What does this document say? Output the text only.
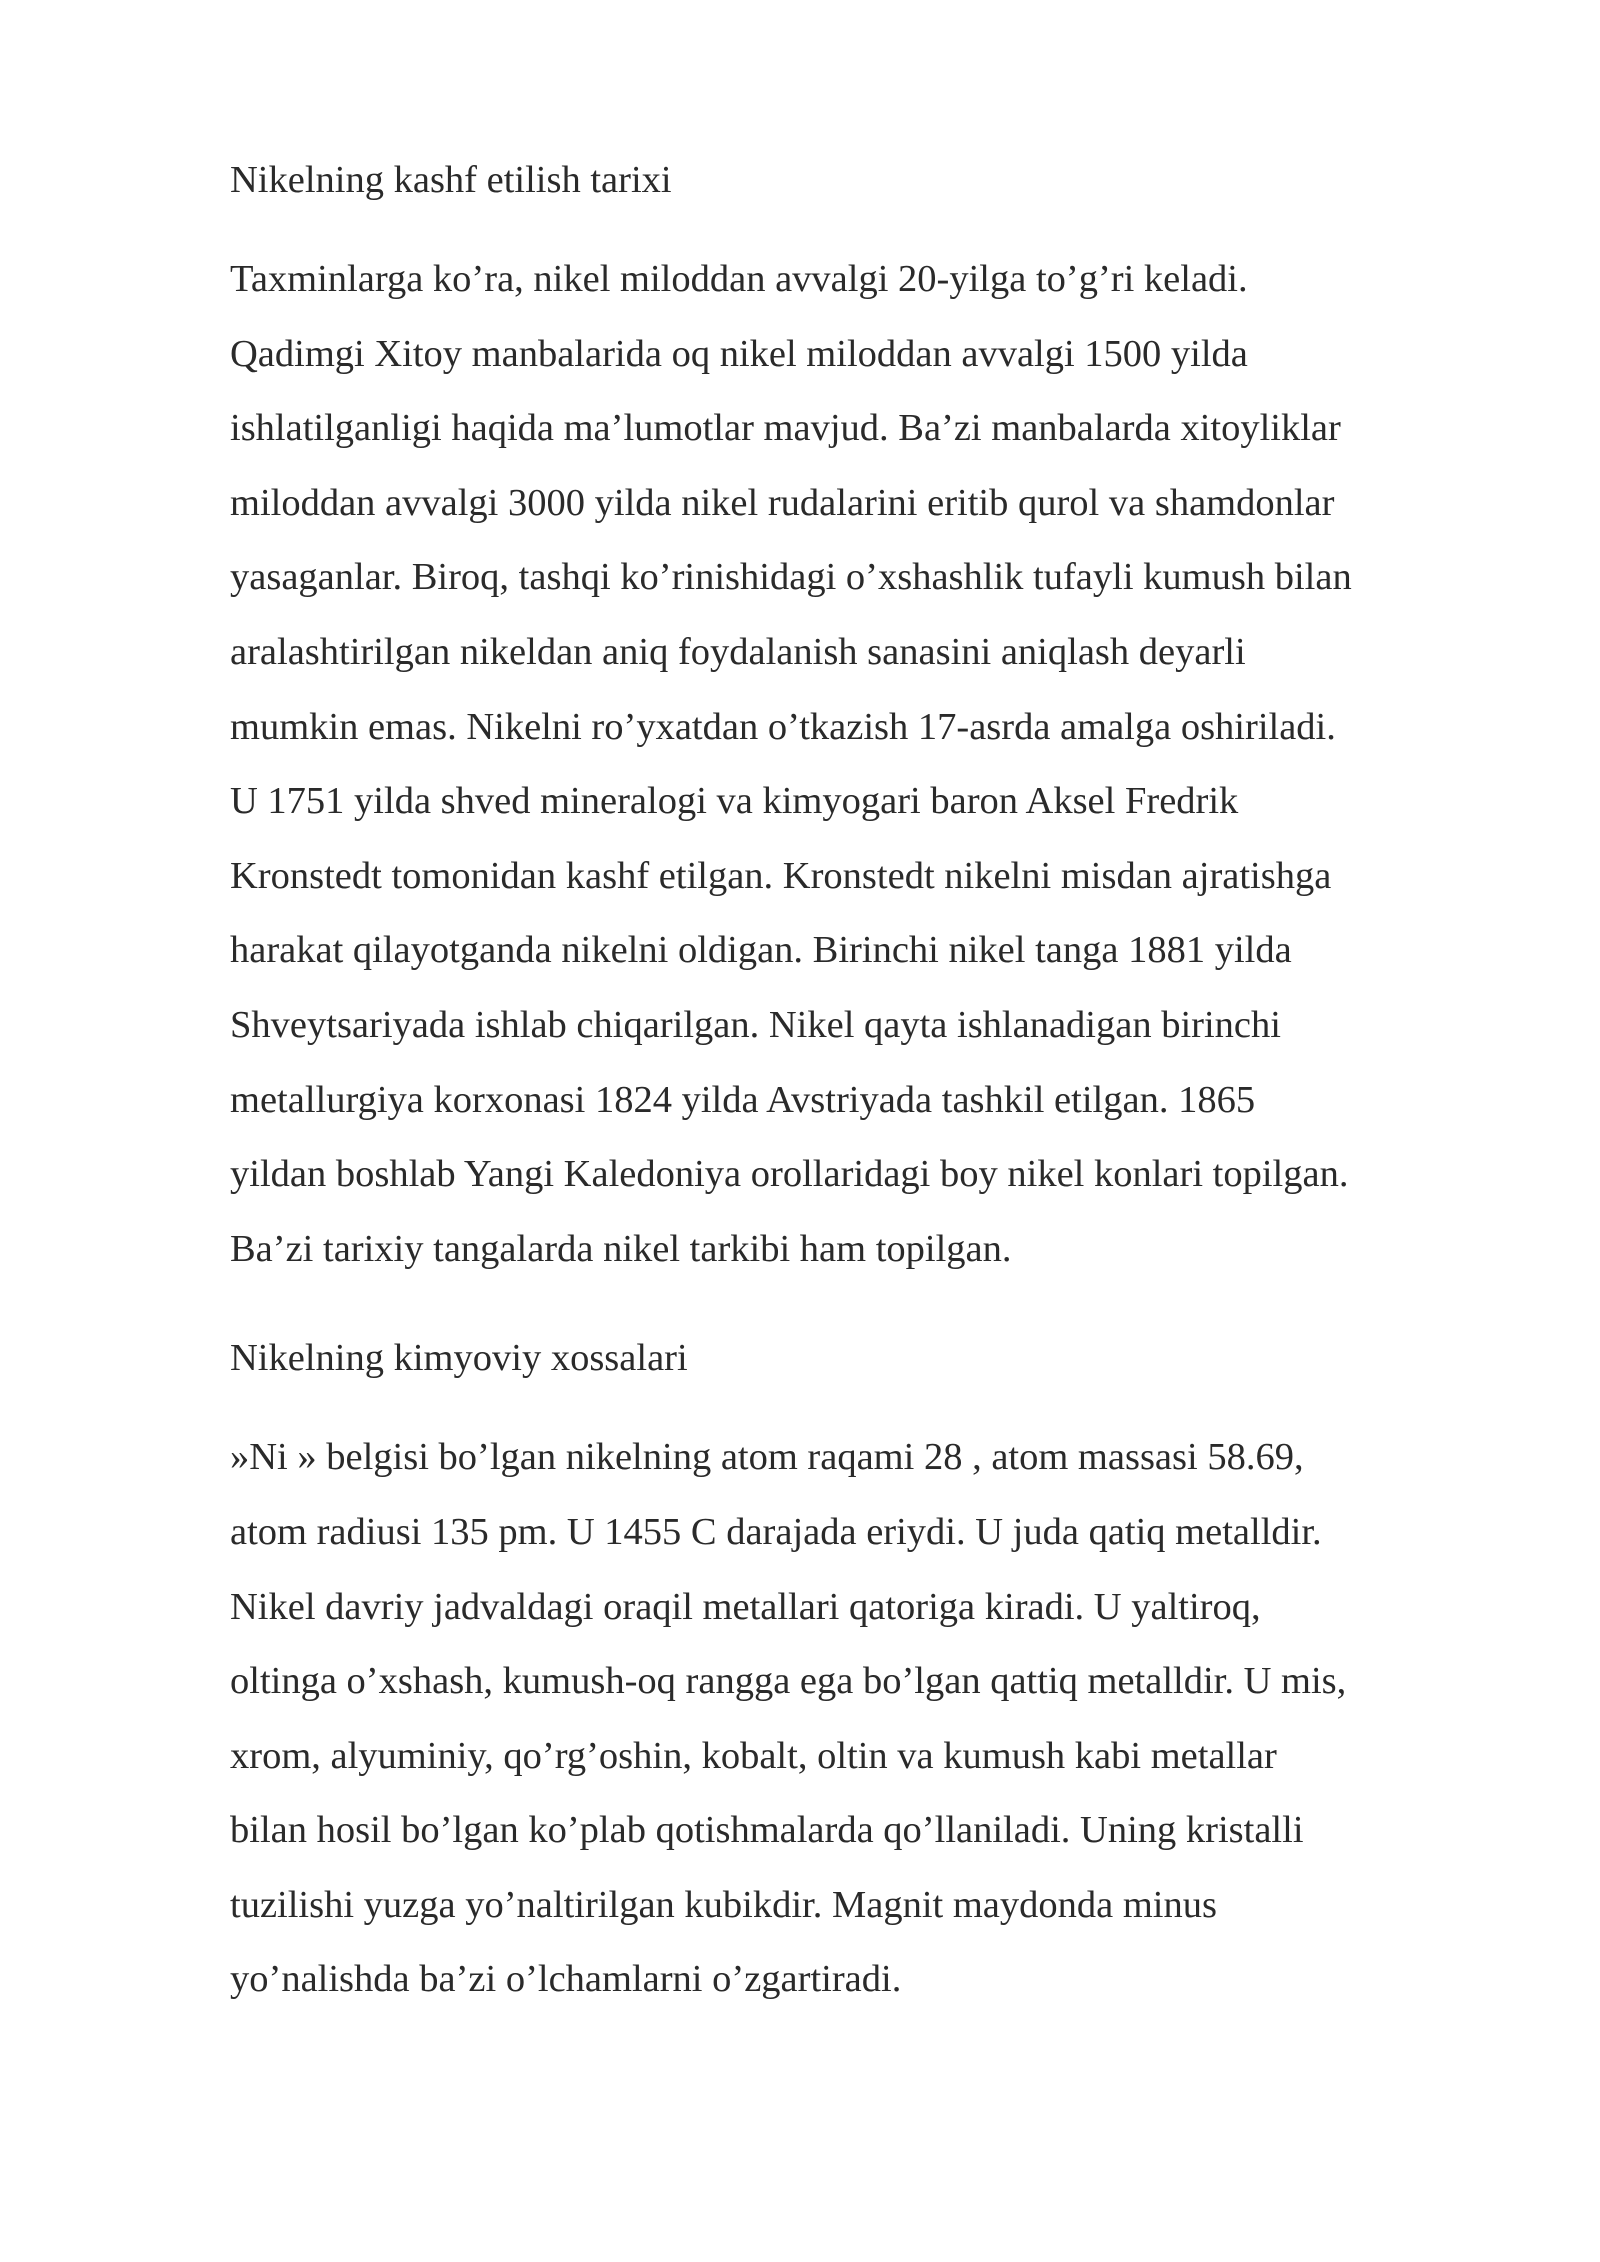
Nikelning kashf etilish tarixi

Taxminlarga ko’ra, nikel miloddan avvalgi 20-yilga to’g’ri keladi.
Qadimgi Xitoy manbalarida oq nikel miloddan avvalgi 1500 yilda
ishlatilganligi haqida ma’lumotlar mavjud. Ba’zi manbalarda xitoyliklar
miloddan avvalgi 3000 yilda nikel rudalarini eritib qurol va shamdonlar
yasaganlar. Biroq, tashqi ko’rinishidagi o’xshashlik tufayli kumush bilan
aralashtirilgan nikeldan aniq foydalanish sanasini aniqlash deyarli
mumkin emas. Nikelni ro’yxatdan o’tkazish 17-asrda amalga oshiriladi.
U 1751 yilda shved mineralogi va kimyogari baron Aksel Fredrik
Kronstedt tomonidan kashf etilgan. Kronstedt nikelni misdan ajratishga
harakat qilayotganda nikelni oldigan. Birinchi nikel tanga 1881 yilda
Shveytsariyada ishlab chiqarilgan. Nikel qayta ishlanadigan birinchi
metallurgiya korxonasi 1824 yilda Avstriyada tashkil etilgan. 1865
yildan boshlab Yangi Kaledoniya orollaridagi boy nikel konlari topilgan.
Ba’zi tarixiy tangalarda nikel tarkibi ham topilgan.

Nikelning kimyoviy xossalari

»Ni » belgisi bo’lgan nikelning atom raqami 28 , atom massasi 58.69,
atom radiusi 135 pm. U 1455 C darajada eriydi. U juda qatiq metalldir.
Nikel davriy jadvaldagi oraqil metallari qatoriga kiradi. U yaltiroq,
oltinga o’xshash, kumush-oq rangga ega bo’lgan qattiq metalldir. U mis,
xrom, alyuminiy, qo’rg’oshin, kobalt, oltin va kumush kabi metallar
bilan hosil bo’lgan ko’plab qotishmalarda qo’llaniladi. Uning kristalli
tuzilishi yuzga yo’naltirilgan kubikdir. Magnit maydonda minus
yo’nalishda ba’zi o’lchamlarni o’zgartiradi.
